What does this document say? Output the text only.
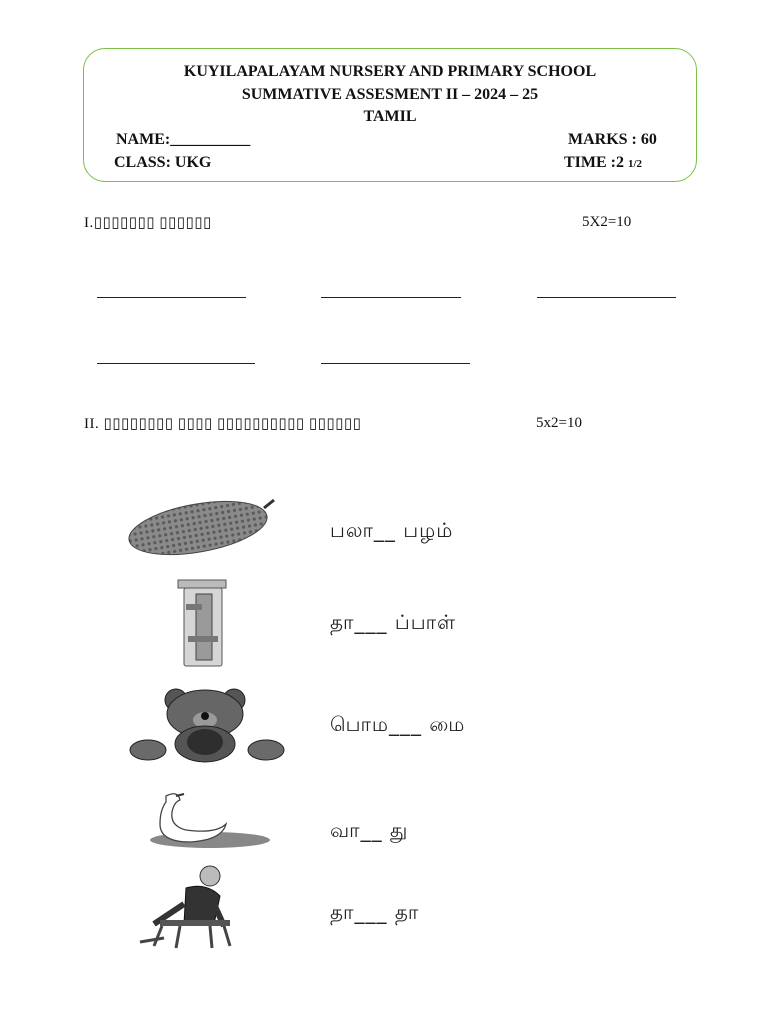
KUYILAPALAYAM NURSERY AND PRIMARY SCHOOL
SUMMATIVE ASSESMENT II – 2024 – 25
TAMIL
NAME:__________
CLASS: UKG
MARKS : 60
TIME :2 1/2
I.▯▯▯▯▯▯▯ ▯▯▯▯▯▯	5X2=10
II. ▯▯▯▯▯▯▯▯ ▯▯▯▯ ▯▯▯▯▯▯▯▯▯▯ ▯▯▯▯▯▯	5x2=10
பலா__ பழம்
தா___ ப்பாள்
பொம___ மை
வா__ து
தா___ தா
